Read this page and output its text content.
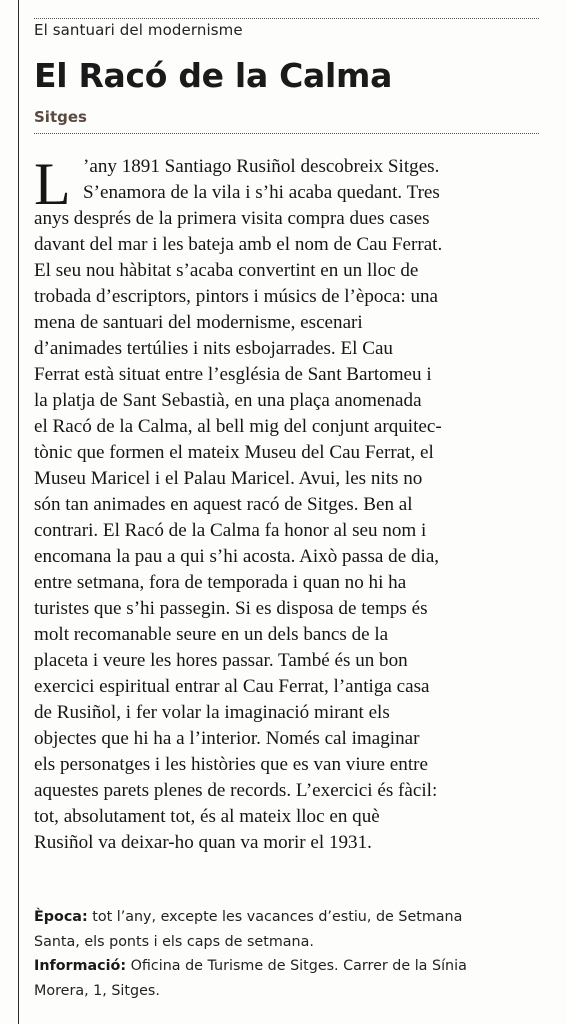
El santuari del modernisme
El Racó de la Calma
Sitges
L ’any 1891 Santiago Rusiñol descobreix Sitges.
S’enamora de la vila i s’hi acaba quedant. Tres
anys després de la primera visita compra dues cases
davant del mar i les bateja amb el nom de Cau Ferrat.
El seu nou hàbitat s’acaba convertint en un lloc de
trobada d’escriptors, pintors i músics de l’època: una
mena de santuari del modernisme, escenari
d’animades tertúlies i nits esbojarrades. El Cau
Ferrat està situat entre l’església de Sant Bartomeu i
la platja de Sant Sebastià, en una plaça anomenada
el Racó de la Calma, al bell mig del conjunt arquitec-
tònic que formen el mateix Museu del Cau Ferrat, el
Museu Maricel i el Palau Maricel. Avui, les nits no
són tan animades en aquest racó de Sitges. Ben al
contrari. El Racó de la Calma fa honor al seu nom i
encomana la pau a qui s’hi acosta. Això passa de dia,
entre setmana, fora de temporada i quan no hi ha
turistes que s’hi passegin. Si es disposa de temps és
molt recomanable seure en un dels bancs de la
placeta i veure les hores passar. També és un bon
exercici espiritual entrar al Cau Ferrat, l’antiga casa
de Rusiñol, i fer volar la imaginació mirant els
objectes que hi ha a l’interior. Només cal imaginar
els personatges i les històries que es van viure entre
aquestes parets plenes de records. L’exercici és fàcil:
tot, absolutament tot, és al mateix lloc en què
Rusiñol va deixar-ho quan va morir el 1931.
Època: tot l’any, excepte les vacances d’estiu, de Setmana
Santa, els ponts i els caps de setmana.
Informació: Oficina de Turisme de Sitges. Carrer de la Sínia
Morera, 1, Sitges.
